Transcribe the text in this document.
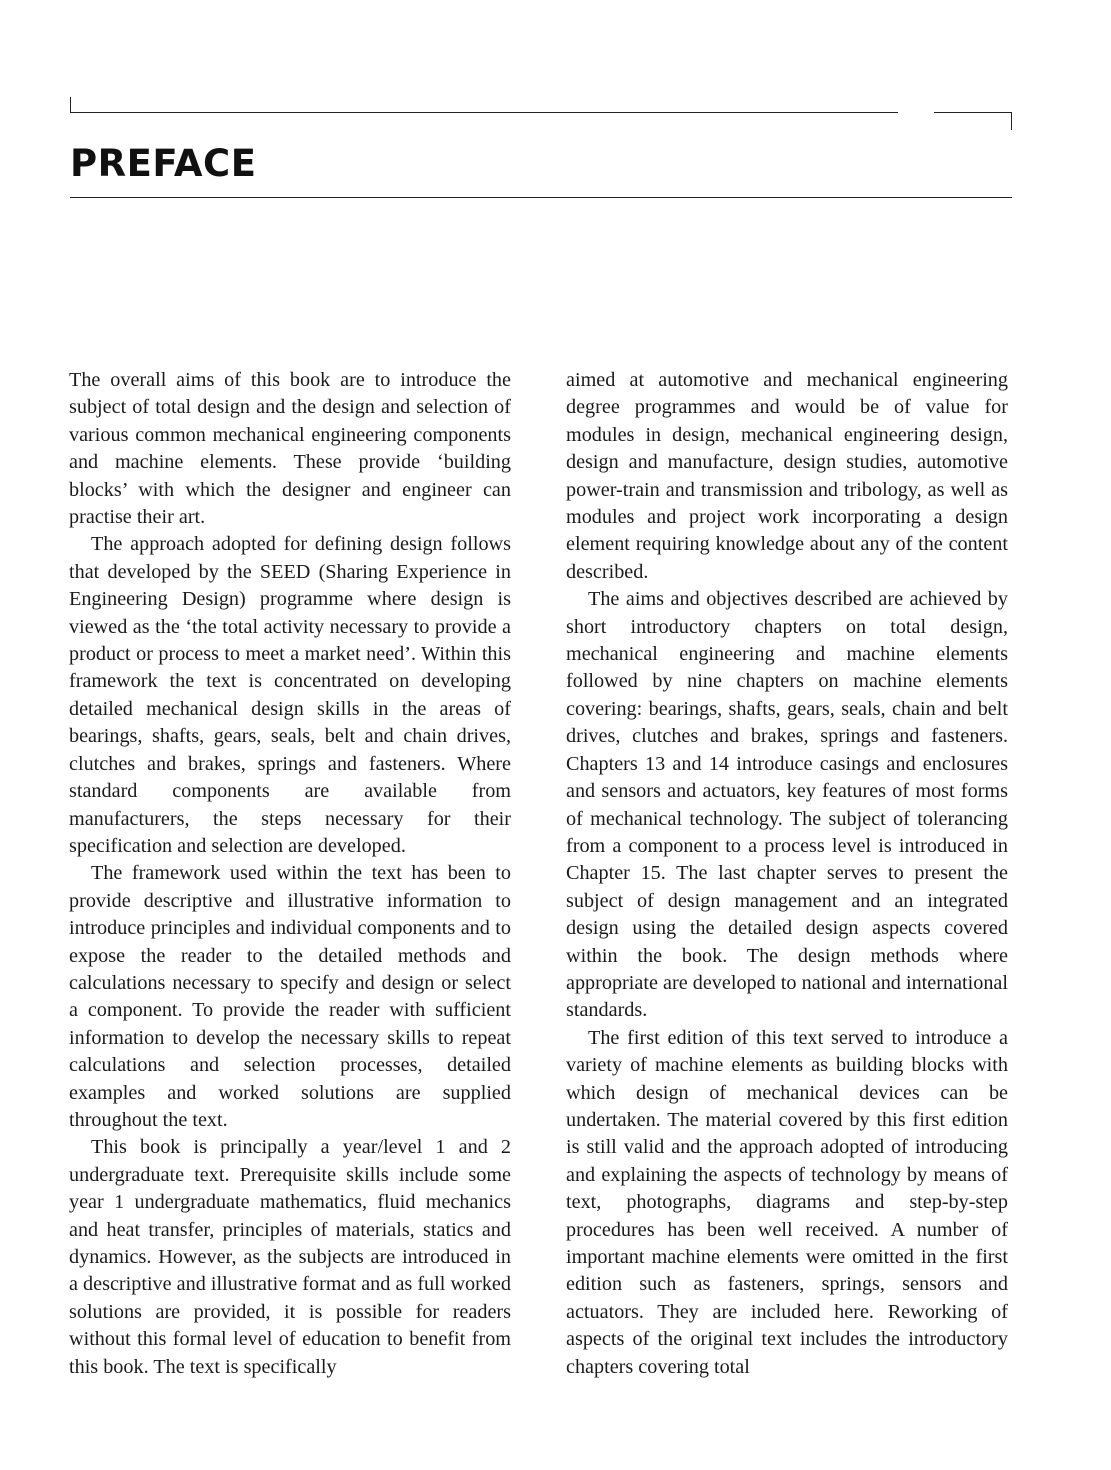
PREFACE

The overall aims of this book are to introduce the subject of total design and the design and selection of various common mechanical engineering components and machine elements. These provide ‘building blocks’ with which the designer and engineer can practise their art.

The approach adopted for defining design follows that developed by the SEED (Sharing Experience in Engineering Design) programme where design is viewed as the ‘the total activity necessary to provide a product or process to meet a market need’. Within this framework the text is concentrated on developing detailed mechanical design skills in the areas of bearings, shafts, gears, seals, belt and chain drives, clutches and brakes, springs and fasteners. Where standard components are available from manufacturers, the steps necessary for their specification and selection are developed.

The framework used within the text has been to provide descriptive and illustrative information to introduce principles and individual components and to expose the reader to the detailed methods and calculations necessary to specify and design or select a component. To provide the reader with sufficient information to develop the necessary skills to repeat calculations and selection processes, detailed examples and worked solutions are supplied throughout the text.

This book is principally a year/level 1 and 2 undergraduate text. Prerequisite skills include some year 1 undergraduate mathematics, fluid mechanics and heat transfer, principles of materials, statics and dynamics. However, as the subjects are introduced in a descriptive and illustrative format and as full worked solutions are provided, it is possible for readers without this formal level of education to benefit from this book. The text is specifically

aimed at automotive and mechanical engineering degree programmes and would be of value for modules in design, mechanical engineering design, design and manufacture, design studies, automotive power-train and transmission and tribology, as well as modules and project work incorporating a design element requiring knowledge about any of the content described.

The aims and objectives described are achieved by short introductory chapters on total design, mechanical engineering and machine elements followed by nine chapters on machine elements covering: bearings, shafts, gears, seals, chain and belt drives, clutches and brakes, springs and fasteners. Chapters 13 and 14 introduce casings and enclosures and sensors and actuators, key features of most forms of mechanical technology. The subject of tolerancing from a component to a process level is introduced in Chapter 15. The last chapter serves to present the subject of design management and an integrated design using the detailed design aspects covered within the book. The design methods where appropriate are developed to national and international standards.

The first edition of this text served to introduce a variety of machine elements as building blocks with which design of mechanical devices can be undertaken. The material covered by this first edition is still valid and the approach adopted of introducing and explaining the aspects of technology by means of text, photographs, diagrams and step-by-step procedures has been well received. A number of important machine elements were omitted in the first edition such as fasteners, springs, sensors and actuators. They are included here. Reworking of aspects of the original text includes the introductory chapters covering total
